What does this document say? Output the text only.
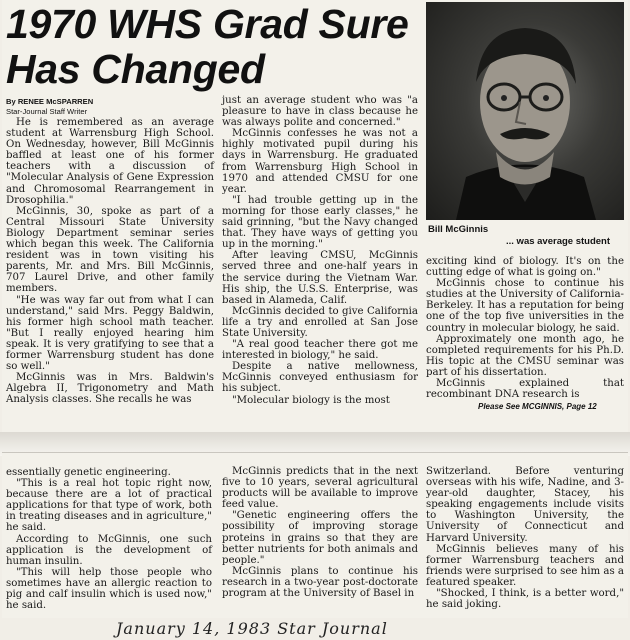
1970 WHS Grad Sure Has Changed
By RENEE McSPARREN
Star-Journal Staff Writer

He is remembered as an average student at Warrensburg High School. On Wednesday, however, Bill McGinnis baffled at least one of his former teachers with a discussion of "Molecular Analysis of Gene Expression and Chromosomal Rearrangement in Drosophilia."

McGinnis, 30, spoke as part of a Central Missouri State University Biology Department seminar series which began this week. The California resident was in town visiting his parents, Mr. and Mrs. Bill McGinnis, 707 Laurel Drive, and other family members.

"He was way far out from what I can understand," said Mrs. Peggy Baldwin, his former high school math teacher. "But I really enjoyed hearing him speak. It is very gratifying to see that a former Warrensburg student has done so well."

McGinnis was in Mrs. Baldwin's Algebra II, Trigonometry and Math Analysis classes. She recalls he was

just an average student who was "a pleasure to have in class because he was always polite and concerned."

McGinnis confesses he was not a highly motivated pupil during his days in Warrensburg. He graduated from Warrensburg High School in 1970 and attended CMSU for one year.

"I had trouble getting up in the morning for those early classes," he said grinning, "but the Navy changed that. They have ways of getting you up in the morning."

After leaving CMSU, McGinnis served three and one-half years in the service during the Vietnam War. His ship, the U.S.S. Enterprise, was based in Alameda, Calif.

McGinnis decided to give California life a try and enrolled at San Jose State University.

"A real good teacher there got me interested in biology," he said.

Despite a native mellowness, McGinnis conveyed enthusiasm for his subject.

"Molecular biology is the most

Bill McGinnis
... was average student

exciting kind of biology. It's on the cutting edge of what is going on."

McGinnis chose to continue his studies at the University of California-Berkeley. It has a reputation for being one of the top five universities in the country in molecular biology, he said.

Approximately one month ago, he completed requirements for his Ph.D. His topic at the CMSU seminar was part of his dissertation.

McGinnis explained that recombinant DNA research is

Please See MCGINNIS, Page 12

essentially genetic engineering.

"This is a real hot topic right now, because there are a lot of practical applications for that type of work, both in treating diseases and in agriculture," he said.

According to McGinnis, one such application is the development of human insulin.

"This will help those people who sometimes have an allergic reaction to pig and calf insulin which is used now," he said.

McGinnis predicts that in the next five to 10 years, several agricultural products will be available to improve feed value.

"Genetic engineering offers the possibility of improving storage proteins in grains so that they are better nutrients for both animals and people."

McGinnis plans to continue his research in a two-year post-doctorate program at the University of Basel in

Switzerland. Before venturing overseas with his wife, Nadine, and 3-year-old daughter, Stacey, his speaking engagements include visits to Washington University, the University of Connecticut and Harvard University.

McGinnis believes many of his former Warrensburg teachers and friends were surprised to see him as a featured speaker.

"Shocked, I think, is a better word," he said joking.

January 14, 1983 Star Journal
